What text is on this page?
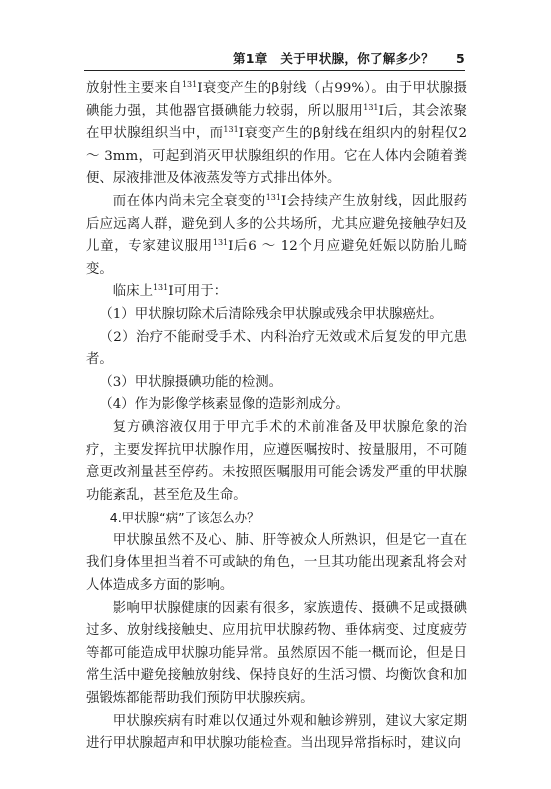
第1章　关于甲状腺，你了解多少？ 5

放射性主要来自$^{131}$I衰变产生的β射线（占99%）。由于甲状腺摄碘能力强，其他器官摄碘能力较弱，所以服用$^{131}$I后，其会浓聚在甲状腺组织当中，而$^{131}$I衰变产生的β射线在组织内的射程仅2 ～ 3mm，可起到消灭甲状腺组织的作用。它在人体内会随着粪便、尿液排泄及体液蒸发等方式排出体外。

而在体内尚未完全衰变的$^{131}$I会持续产生放射线，因此服药后应远离人群，避免到人多的公共场所，尤其应避免接触孕妇及儿童，专家建议服用$^{131}$I后6 ～ 12个月应避免妊娠以防胎儿畸变。

临床上$^{131}$I可用于：

（1）甲状腺切除术后清除残余甲状腺或残余甲状腺癌灶。

（2）治疗不能耐受手术、内科治疗无效或术后复发的甲亢患者。

（3）甲状腺摄碘功能的检测。

（4）作为影像学核素显像的造影剂成分。

复方碘溶液仅用于甲亢手术的术前准备及甲状腺危象的治疗，主要发挥抗甲状腺作用，应遵医嘱按时、按量服用，不可随意更改剂量甚至停药。未按照医嘱服用可能会诱发严重的甲状腺功能紊乱，甚至危及生命。

4.甲状腺“病”了该怎么办？

甲状腺虽然不及心、肺、肝等被众人所熟识，但是它一直在我们身体里担当着不可或缺的角色，一旦其功能出现紊乱将会对人体造成多方面的影响。

影响甲状腺健康的因素有很多，家族遗传、摄碘不足或摄碘过多、放射线接触史、应用抗甲状腺药物、垂体病变、过度疲劳等都可能造成甲状腺功能异常。虽然原因不能一概而论，但是日常生活中避免接触放射线、保持良好的生活习惯、均衡饮食和加强锻炼都能帮助我们预防甲状腺疾病。

甲状腺疾病有时难以仅通过外观和触诊辨别，建议大家定期进行甲状腺超声和甲状腺功能检查。当出现异常指标时，建议向
